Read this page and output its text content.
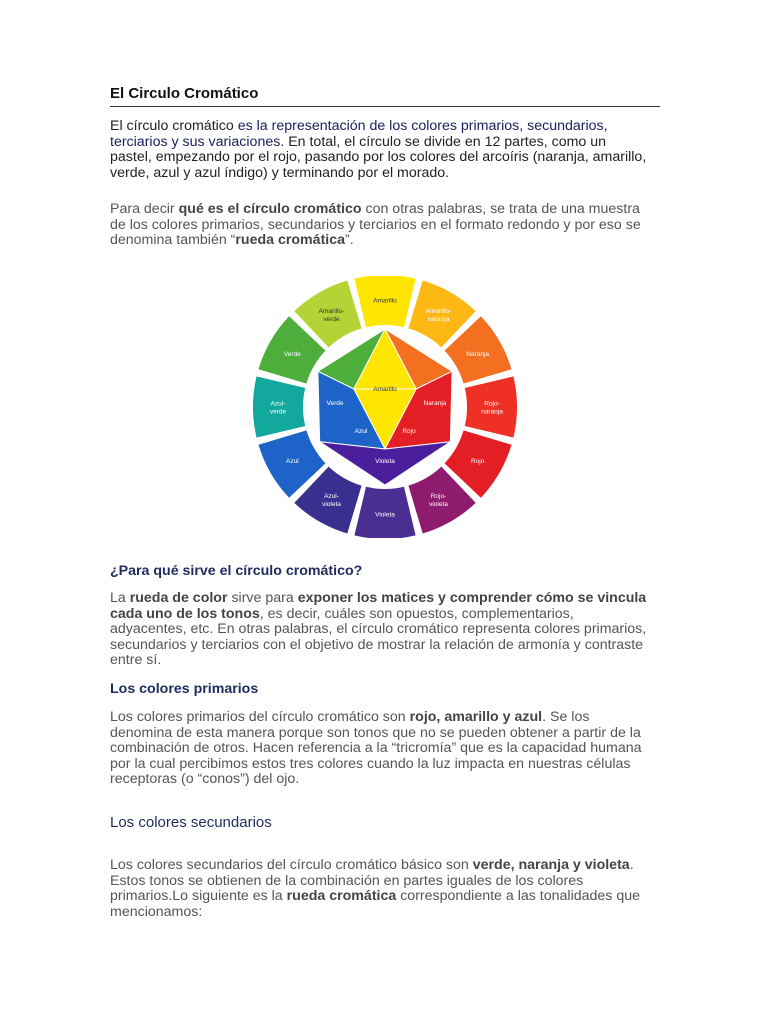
El Circulo Cromático

El círculo cromático es la representación de los colores primarios, secundarios, terciarios y sus variaciones. En total, el círculo se divide en 12 partes, como un pastel, empezando por el rojo, pasando por los colores del arcoíris (naranja, amarillo, verde, azul y azul índigo) y terminando por el morado.

Para decir qué es el círculo cromático con otras palabras, se trata de una muestra de los colores primarios, secundarios y terciarios en el formato redondo y por eso se denomina también “rueda cromática”.

Amarillo
Amarillo-naranja
Naranja
Rojo-naranja
Rojo
Rojo-violeta
Violeta
Azul-violeta
Azul
Azul-verde
Verde
Amarillo-verde
Amarillo
Verde	Naranja
Azul	Rojo
Violeta
¿Para qué sirve el círculo cromático?

La rueda de color sirve para exponer los matices y comprender cómo se vincula cada uno de los tonos, es decir, cuáles son opuestos, complementarios, adyacentes, etc. En otras palabras, el círculo cromático representa colores primarios, secundarios y terciarios con el objetivo de mostrar la relación de armonía y contraste entre sí.

Los colores primarios

Los colores primarios del círculo cromático son rojo, amarillo y azul. Se los denomina de esta manera porque son tonos que no se pueden obtener a partir de la combinación de otros. Hacen referencia a la “tricromía” que es la capacidad humana por la cual percibimos estos tres colores cuando la luz impacta en nuestras células receptoras (o “conos”) del ojo.

Los colores secundarios

Los colores secundarios del círculo cromático básico son verde, naranja y violeta. Estos tonos se obtienen de la combinación en partes iguales de los colores primarios.Lo siguiente es la rueda cromática correspondiente a las tonalidades que mencionamos:
